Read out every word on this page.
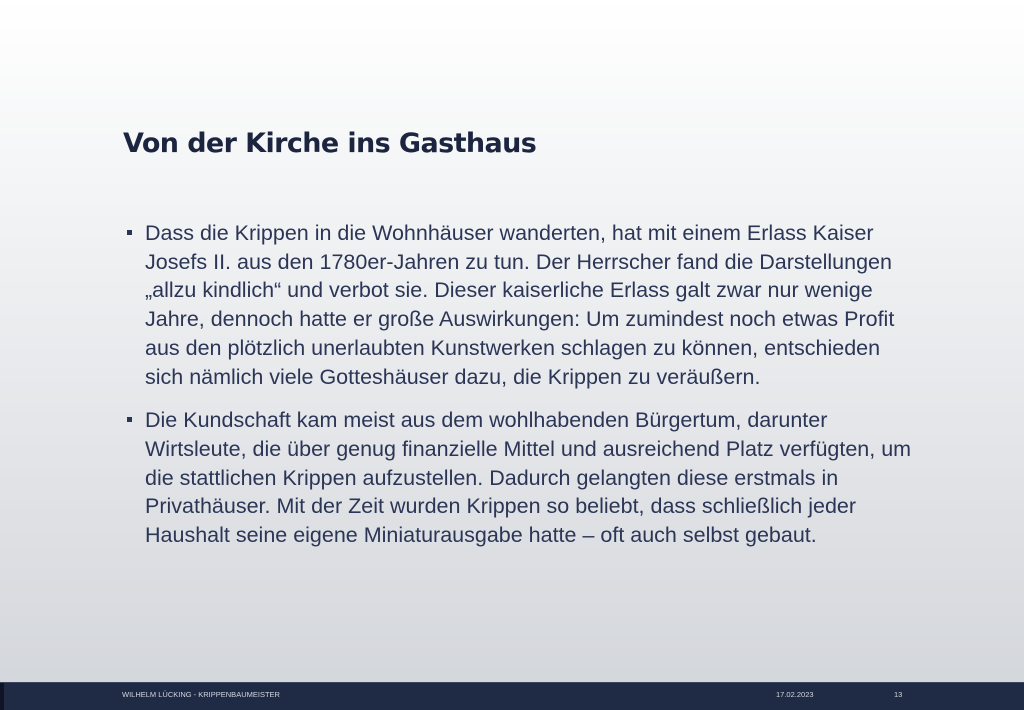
Von der Kirche ins Gasthaus
Dass die Krippen in die Wohnhäuser wanderten, hat mit einem Erlass Kaiser Josefs II. aus den 1780er-Jahren zu tun. Der Herrscher fand die Darstellungen „allzu kindlich“ und verbot sie. Dieser kaiserliche Erlass galt zwar nur wenige Jahre, dennoch hatte er große Auswirkungen: Um zumindest noch etwas Profit aus den plötzlich unerlaubten Kunstwerken schlagen zu können, entschieden sich nämlich viele Gotteshäuser dazu, die Krippen zu veräußern.
Die Kundschaft kam meist aus dem wohlhabenden Bürgertum, darunter Wirtsleute, die über genug finanzielle Mittel und ausreichend Platz verfügten, um die stattlichen Krippen aufzustellen. Dadurch gelangten diese erstmals in Privathäuser. Mit der Zeit wurden Krippen so beliebt, dass schließlich jeder Haushalt seine eigene Miniaturausgabe hatte – oft auch selbst gebaut.
WILHELM LÜCKING - KRIPPENBAUMEISTER	17.02.2023	13
